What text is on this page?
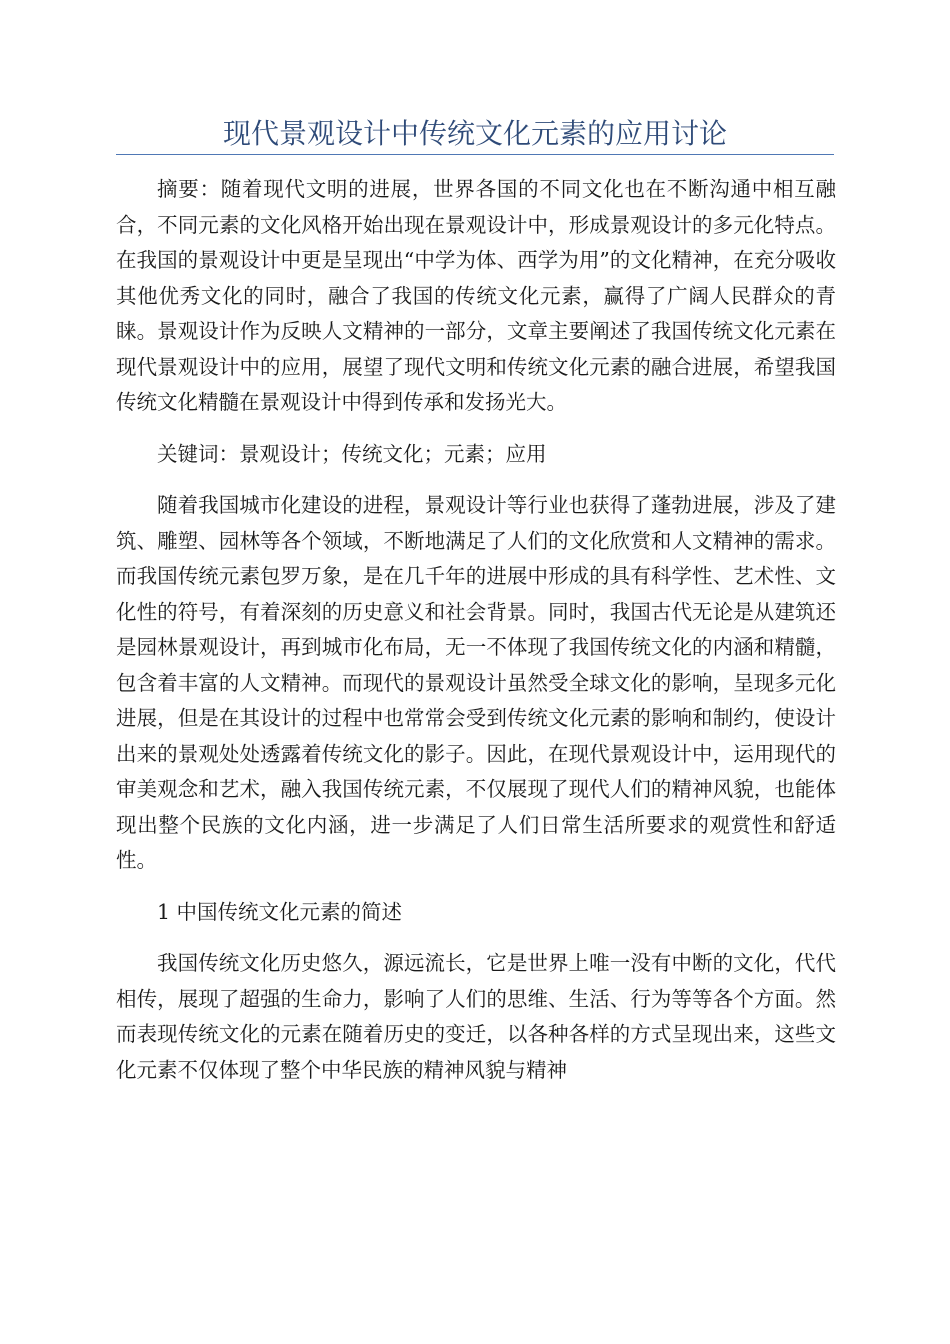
现代景观设计中传统文化元素的应用讨论

摘要：随着现代文明的进展，世界各国的不同文化也在不断沟通中相互融合，不同元素的文化风格开始出现在景观设计中，形成景观设计的多元化特点。在我国的景观设计中更是呈现出“中学为体、西学为用”的文化精神，在充分吸收其他优秀文化的同时，融合了我国的传统文化元素，赢得了广阔人民群众的青睐。景观设计作为反映人文精神的一部分，文章主要阐述了我国传统文化元素在现代景观设计中的应用，展望了现代文明和传统文化元素的融合进展，希望我国传统文化精髓在景观设计中得到传承和发扬光大。

关键词：景观设计；传统文化；元素；应用

随着我国城市化建设的进程，景观设计等行业也获得了蓬勃进展，涉及了建筑、雕塑、园林等各个领域，不断地满足了人们的文化欣赏和人文精神的需求。而我国传统元素包罗万象，是在几千年的进展中形成的具有科学性、艺术性、文化性的符号，有着深刻的历史意义和社会背景。同时，我国古代无论是从建筑还是园林景观设计，再到城市化布局，无一不体现了我国传统文化的内涵和精髓，包含着丰富的人文精神。而现代的景观设计虽然受全球文化的影响，呈现多元化进展，但是在其设计的过程中也常常会受到传统文化元素的影响和制约，使设计出来的景观处处透露着传统文化的影子。因此，在现代景观设计中，运用现代的审美观念和艺术，融入我国传统元素，不仅展现了现代人们的精神风貌，也能体现出整个民族的文化内涵，进一步满足了人们日常生活所要求的观赏性和舒适性。

1 中国传统文化元素的简述

我国传统文化历史悠久，源远流长，它是世界上唯一没有中断的文化，代代相传，展现了超强的生命力，影响了人们的思维、生活、行为等等各个方面。然而表现传统文化的元素在随着历史的变迁，以各种各样的方式呈现出来，这些文化元素不仅体现了整个中华民族的精神风貌与精神
